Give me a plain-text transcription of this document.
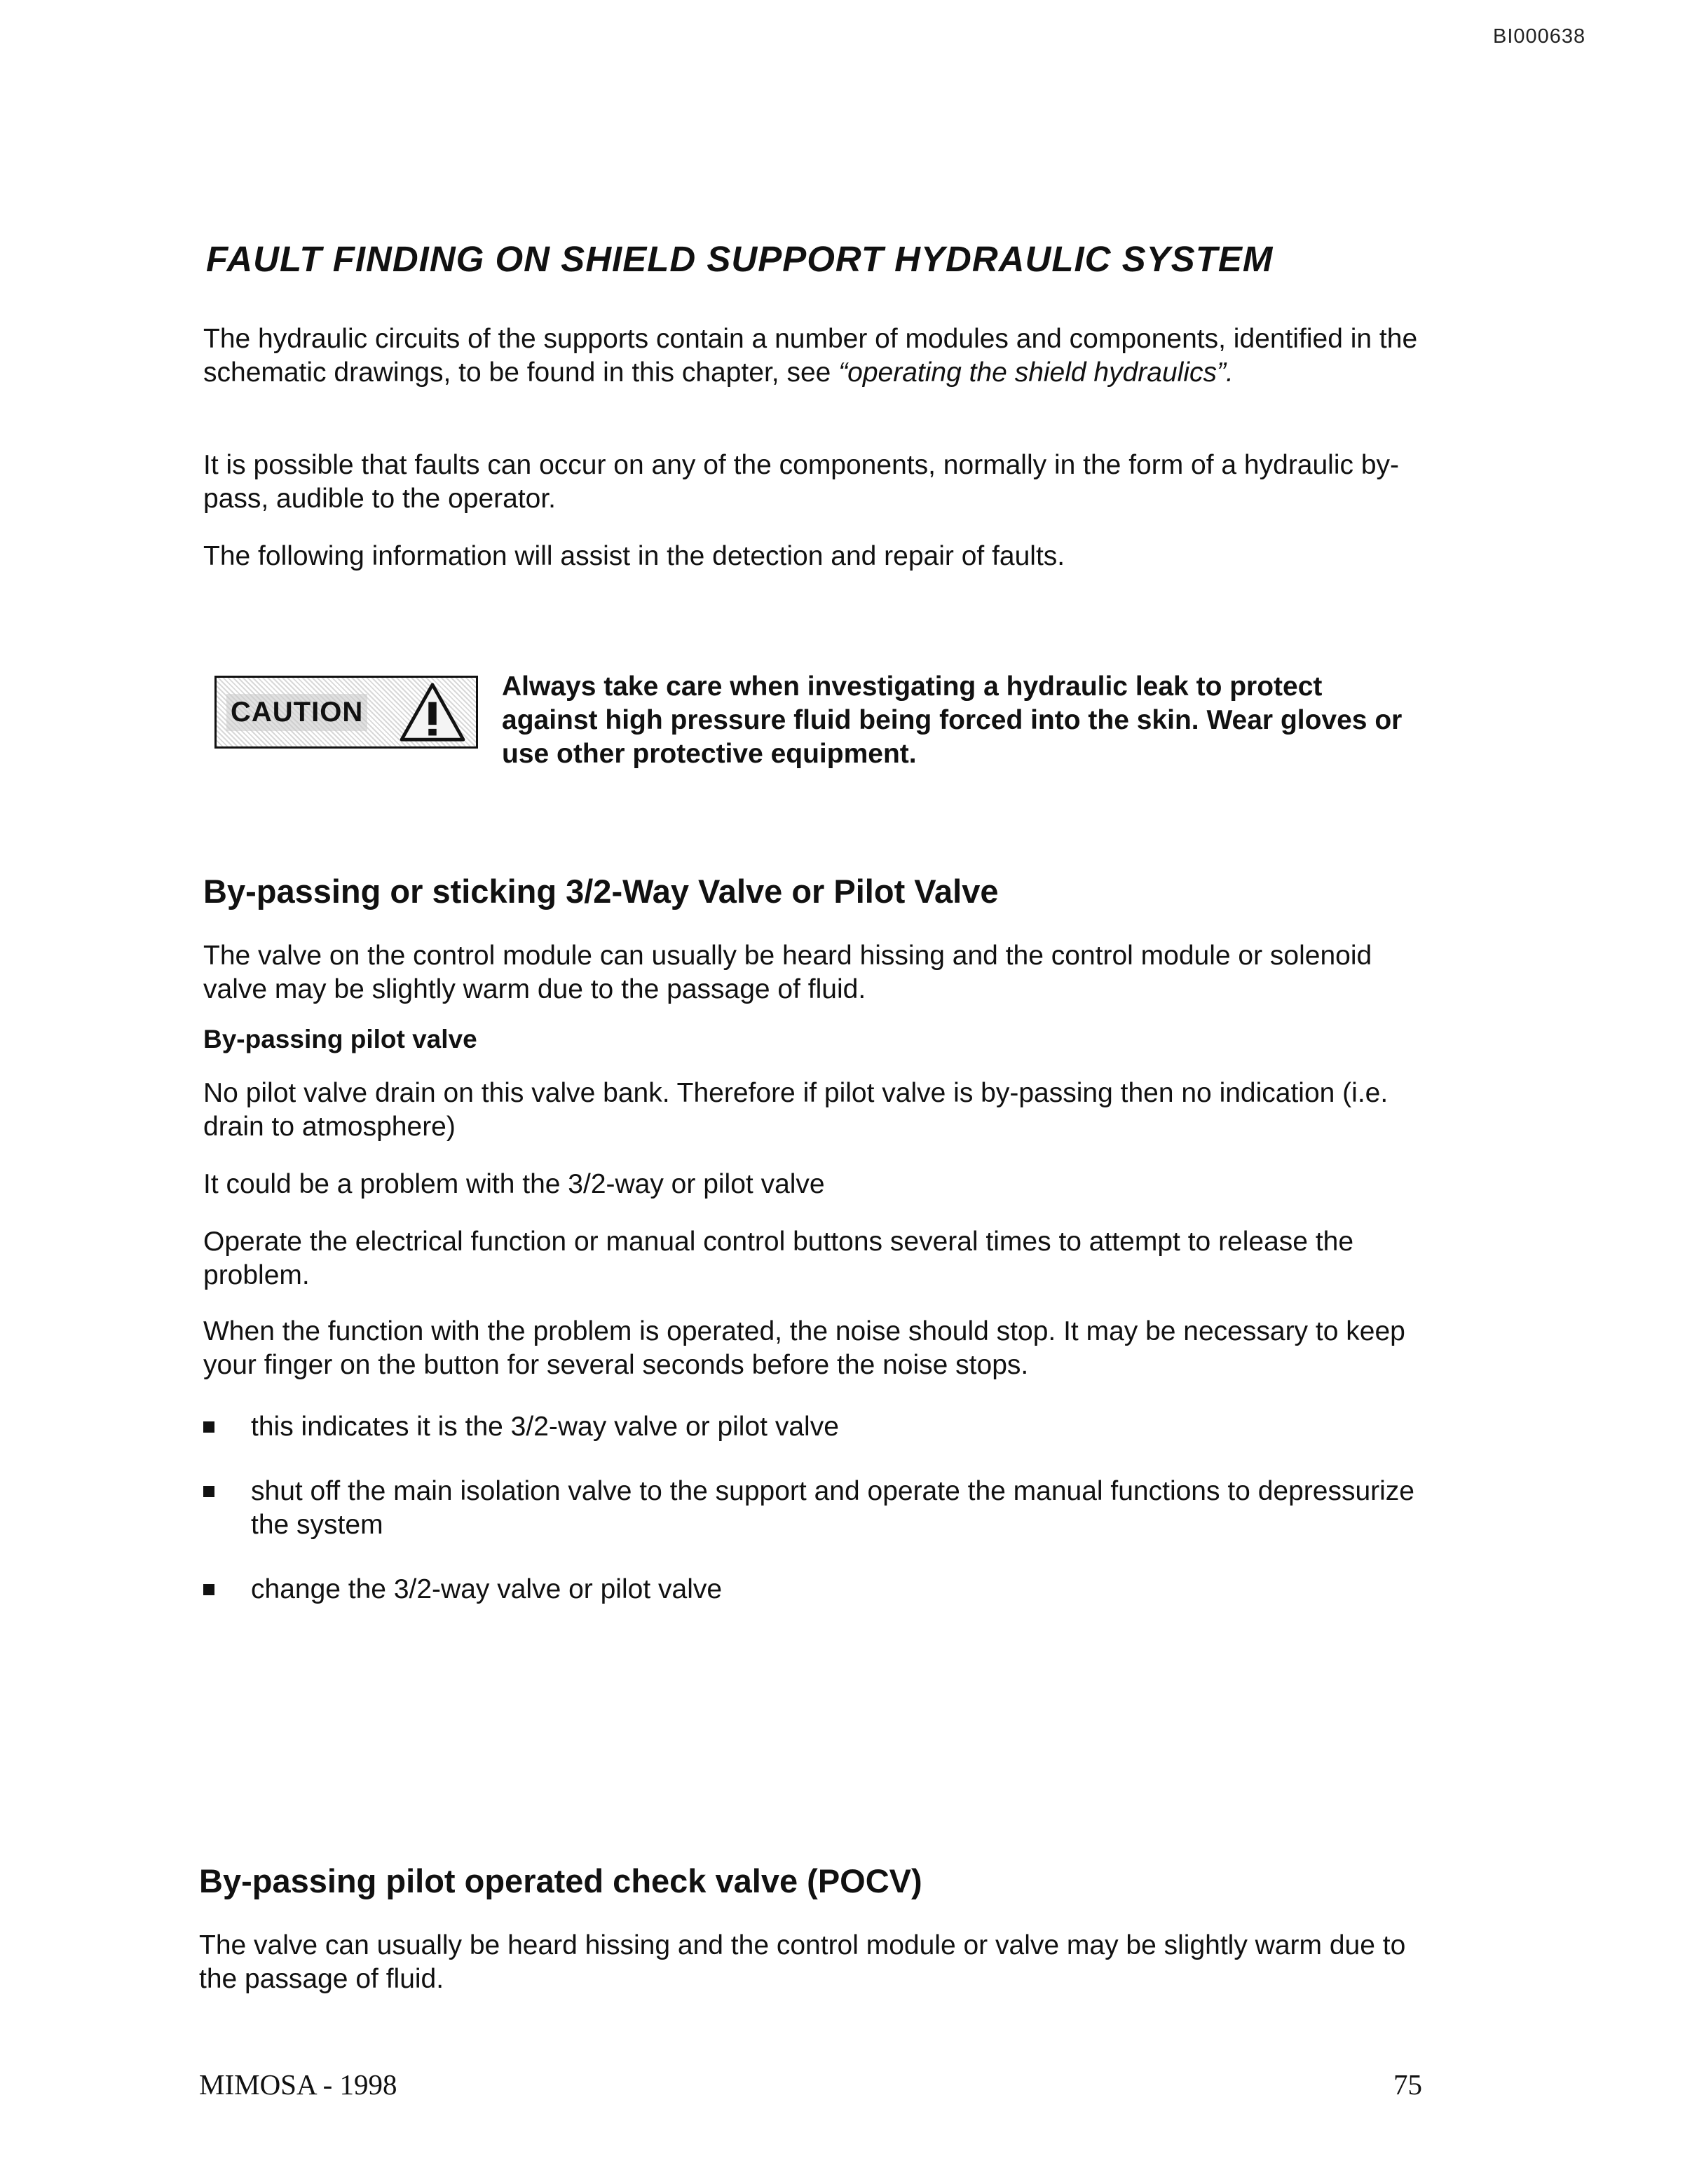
BI000638
FAULT FINDING ON SHIELD SUPPORT HYDRAULIC SYSTEM

The hydraulic circuits of the supports contain a number of modules and components, identified in the schematic drawings, to be found in this chapter, see “operating the shield hydraulics”.

It is possible that faults can occur on any of the components, normally in the form of a hydraulic by-pass, audible to the operator.

The following information will assist in the detection and repair of faults.

CAUTION

Always take care when investigating a hydraulic leak to protect against high pressure fluid being forced into the skin. Wear gloves or use other protective equipment.

By-passing or sticking 3/2-Way Valve or Pilot Valve

The valve on the control module can usually be heard hissing and the control module or solenoid valve may be slightly warm due to the passage of fluid.

By-passing pilot valve

No pilot valve drain on this valve bank. Therefore if pilot valve is by-passing then no indication (i.e. drain to atmosphere)

It could be a problem with the 3/2-way or pilot valve

Operate the electrical function or manual control buttons several times to attempt to release the problem.

When the function with the problem is operated, the noise should stop. It may be necessary to keep your finger on the button for several seconds before the noise stops.

this indicates it is the 3/2-way valve or pilot valve
shut off the main isolation valve to the support and operate the manual functions to depressurize the system
change the 3/2-way valve or pilot valve
By-passing pilot operated check valve (POCV)

The valve can usually be heard hissing and the control module or valve may be slightly warm due to the passage of fluid.

MIMOSA - 1998	75
